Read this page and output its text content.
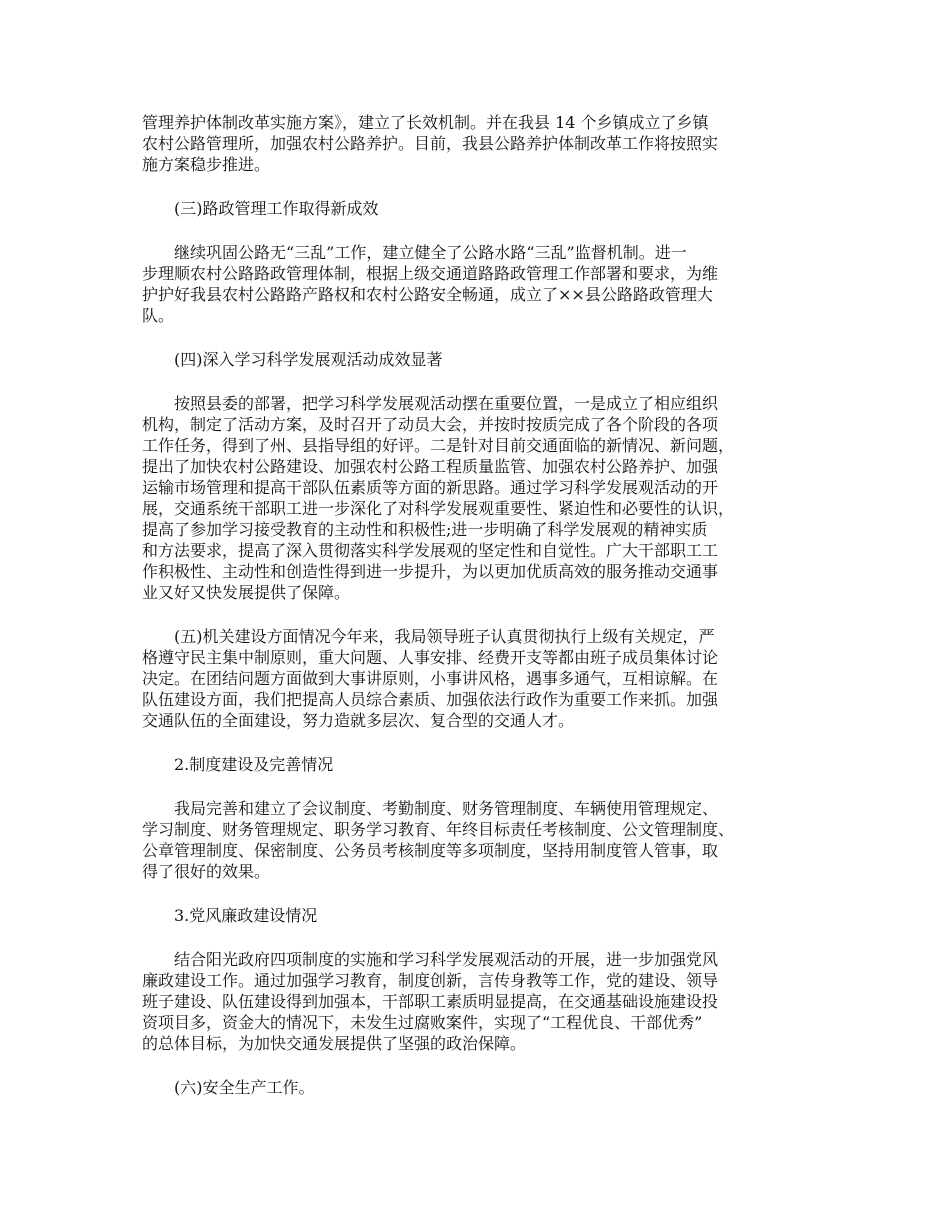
管理养护体制改革实施方案》，建立了长效机制。并在我县 14 个乡镇成立了乡镇
农村公路管理所，加强农村公路养护。目前，我县公路养护体制改革工作将按照实
施方案稳步推进。
(三)路政管理工作取得新成效
继续巩固公路无“三乱”工作，建立健全了公路水路“三乱”监督机制。进一
步理顺农村公路路政管理体制，根据上级交通道路路政管理工作部署和要求，为维
护护好我县农村公路路产路权和农村公路安全畅通，成立了××县公路路政管理大
队。
(四)深入学习科学发展观活动成效显著
按照县委的部署，把学习科学发展观活动摆在重要位置，一是成立了相应组织
机构，制定了活动方案，及时召开了动员大会，并按时按质完成了各个阶段的各项
工作任务，得到了州、县指导组的好评。二是针对目前交通面临的新情况、新问题，
提出了加快农村公路建设、加强农村公路工程质量监管、加强农村公路养护、加强
运输市场管理和提高干部队伍素质等方面的新思路。通过学习科学发展观活动的开
展，交通系统干部职工进一步深化了对科学发展观重要性、紧迫性和必要性的认识，
提高了参加学习接受教育的主动性和积极性;进一步明确了科学发展观的精神实质
和方法要求，提高了深入贯彻落实科学发展观的坚定性和自觉性。广大干部职工工
作积极性、主动性和创造性得到进一步提升，为以更加优质高效的服务推动交通事
业又好又快发展提供了保障。
(五)机关建设方面情况今年来，我局领导班子认真贯彻执行上级有关规定，严
格遵守民主集中制原则，重大问题、人事安排、经费开支等都由班子成员集体讨论
决定。在团结问题方面做到大事讲原则，小事讲风格，遇事多通气，互相谅解。在
队伍建设方面，我们把提高人员综合素质、加强依法行政作为重要工作来抓。加强
交通队伍的全面建设，努力造就多层次、复合型的交通人才。
2.制度建设及完善情况
我局完善和建立了会议制度、考勤制度、财务管理制度、车辆使用管理规定、
学习制度、财务管理规定、职务学习教育、年终目标责任考核制度、公文管理制度、
公章管理制度、保密制度、公务员考核制度等多项制度，坚持用制度管人管事，取
得了很好的效果。
3.党风廉政建设情况
结合阳光政府四项制度的实施和学习科学发展观活动的开展，进一步加强党风
廉政建设工作。通过加强学习教育，制度创新，言传身教等工作，党的建设、领导
班子建设、队伍建设得到加强本，干部职工素质明显提高，在交通基础设施建设投
资项目多，资金大的情况下，未发生过腐败案件，实现了“工程优良、干部优秀”
的总体目标，为加快交通发展提供了坚强的政治保障。
(六)安全生产工作。
